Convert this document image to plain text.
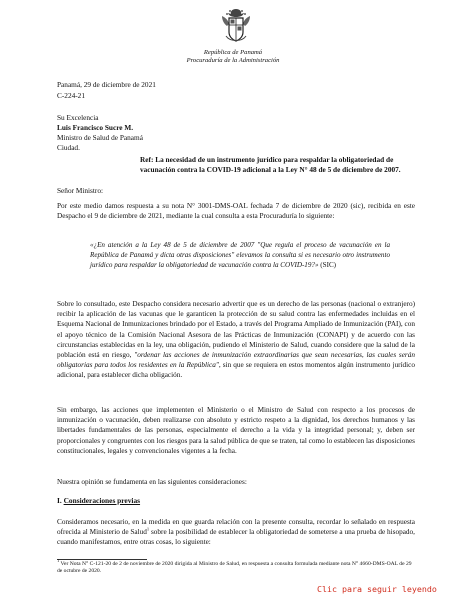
República de Panamá
Procuraduría de la Administración
Panamá, 29 de diciembre de 2021
C-224-21
Su Excelencia
Luis Francisco Sucre M.
Ministro de Salud de Panamá
Ciudad.
Ref: La necesidad de un instrumento jurídico para respaldar la obligatoriedad de vacunación contra la COVID-19 adicional a la Ley N° 48 de 5 de diciembre de 2007.
Señor Ministro:
Por este medio damos respuesta a su nota N° 3001-DMS-OAL fechada 7 de diciembre de 2020 (sic), recibida en este Despacho el 9 de diciembre de 2021, mediante la cual consulta a esta Procuraduría lo siguiente:
«¿En atención a la Ley 48 de 5 de diciembre de 2007 "Que regula el proceso de vacunación en la República de Panamá y dicta otras disposiciones" elevamos la consulta si es necesario otro instrumento jurídico para respaldar la obligatoriedad de vacunación contra la COVID-19?» (SIC)
Sobre lo consultado, este Despacho considera necesario advertir que es un derecho de las personas (nacional o extranjero) recibir la aplicación de las vacunas que le garanticen la protección de su salud contra las enfermedades incluidas en el Esquema Nacional de Inmunizaciones brindado por el Estado, a través del Programa Ampliado de Inmunización (PAI), con el apoyo técnico de la Comisión Nacional Asesora de las Prácticas de Inmunización (CONAPI) y de acuerdo con las circunstancias establecidas en la ley, una obligación, pudiendo el Ministerio de Salud, cuando considere que la salud de la población está en riesgo, "ordenar las acciones de inmunización extraordinarias que sean necesarias, las cuales serán obligatorias para todos los residentes en la República", sin que se requiera en estos momentos algún instrumento jurídico adicional, para establecer dicha obligación.
Sin embargo, las acciones que implementen el Ministerio o el Ministro de Salud con respecto a los procesos de inmunización o vacunación, deben realizarse con absoluto y estricto respeto a la dignidad, los derechos humanos y las libertades fundamentales de las personas, especialmente el derecho a la vida y la integridad personal; y, deben ser proporcionales y congruentes con los riesgos para la salud pública de que se traten, tal como lo establecen las disposiciones constitucionales, legales y convencionales vigentes a la fecha.
Nuestra opinión se fundamenta en las siguientes consideraciones:
I. Consideraciones previas
Consideramos necesario, en la medida en que guarda relación con la presente consulta, recordar lo señalado en respuesta ofrecida al Ministerio de Salud$^1$ sobre la posibilidad de establecer la obligatoriedad de someterse a una prueba de hisopado, cuando manifestamos, entre otras cosas, lo siguiente:
$^1$ Ver Nota N° C-121-20 de 2 de noviembre de 2020 dirigida al Ministro de Salud, en respuesta a consulta formulada mediante nota N° 4660-DMS-OAL de 29 de octubre de 2020.
Clic para seguir leyendo
